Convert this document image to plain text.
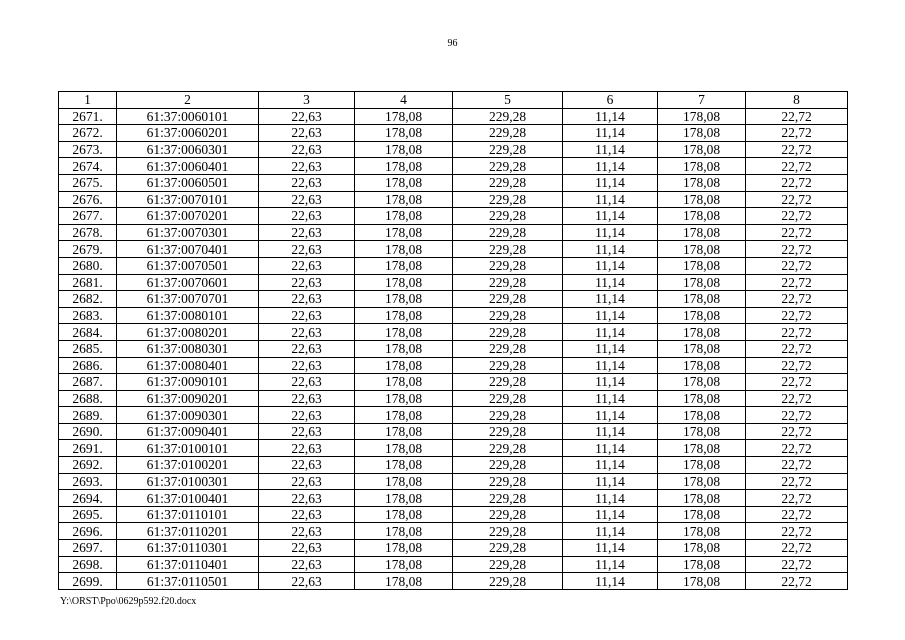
96
1	2	3	4	5	6	7	8
2671.	61:37:0060101	22,63	178,08	229,28	11,14	178,08	22,72
2672.	61:37:0060201	22,63	178,08	229,28	11,14	178,08	22,72
2673.	61:37:0060301	22,63	178,08	229,28	11,14	178,08	22,72
2674.	61:37:0060401	22,63	178,08	229,28	11,14	178,08	22,72
2675.	61:37:0060501	22,63	178,08	229,28	11,14	178,08	22,72
2676.	61:37:0070101	22,63	178,08	229,28	11,14	178,08	22,72
2677.	61:37:0070201	22,63	178,08	229,28	11,14	178,08	22,72
2678.	61:37:0070301	22,63	178,08	229,28	11,14	178,08	22,72
2679.	61:37:0070401	22,63	178,08	229,28	11,14	178,08	22,72
2680.	61:37:0070501	22,63	178,08	229,28	11,14	178,08	22,72
2681.	61:37:0070601	22,63	178,08	229,28	11,14	178,08	22,72
2682.	61:37:0070701	22,63	178,08	229,28	11,14	178,08	22,72
2683.	61:37:0080101	22,63	178,08	229,28	11,14	178,08	22,72
2684.	61:37:0080201	22,63	178,08	229,28	11,14	178,08	22,72
2685.	61:37:0080301	22,63	178,08	229,28	11,14	178,08	22,72
2686.	61:37:0080401	22,63	178,08	229,28	11,14	178,08	22,72
2687.	61:37:0090101	22,63	178,08	229,28	11,14	178,08	22,72
2688.	61:37:0090201	22,63	178,08	229,28	11,14	178,08	22,72
2689.	61:37:0090301	22,63	178,08	229,28	11,14	178,08	22,72
2690.	61:37:0090401	22,63	178,08	229,28	11,14	178,08	22,72
2691.	61:37:0100101	22,63	178,08	229,28	11,14	178,08	22,72
2692.	61:37:0100201	22,63	178,08	229,28	11,14	178,08	22,72
2693.	61:37:0100301	22,63	178,08	229,28	11,14	178,08	22,72
2694.	61:37:0100401	22,63	178,08	229,28	11,14	178,08	22,72
2695.	61:37:0110101	22,63	178,08	229,28	11,14	178,08	22,72
2696.	61:37:0110201	22,63	178,08	229,28	11,14	178,08	22,72
2697.	61:37:0110301	22,63	178,08	229,28	11,14	178,08	22,72
2698.	61:37:0110401	22,63	178,08	229,28	11,14	178,08	22,72
2699.	61:37:0110501	22,63	178,08	229,28	11,14	178,08	22,72
Y:\ORST\Ppo\0629p592.f20.docx
